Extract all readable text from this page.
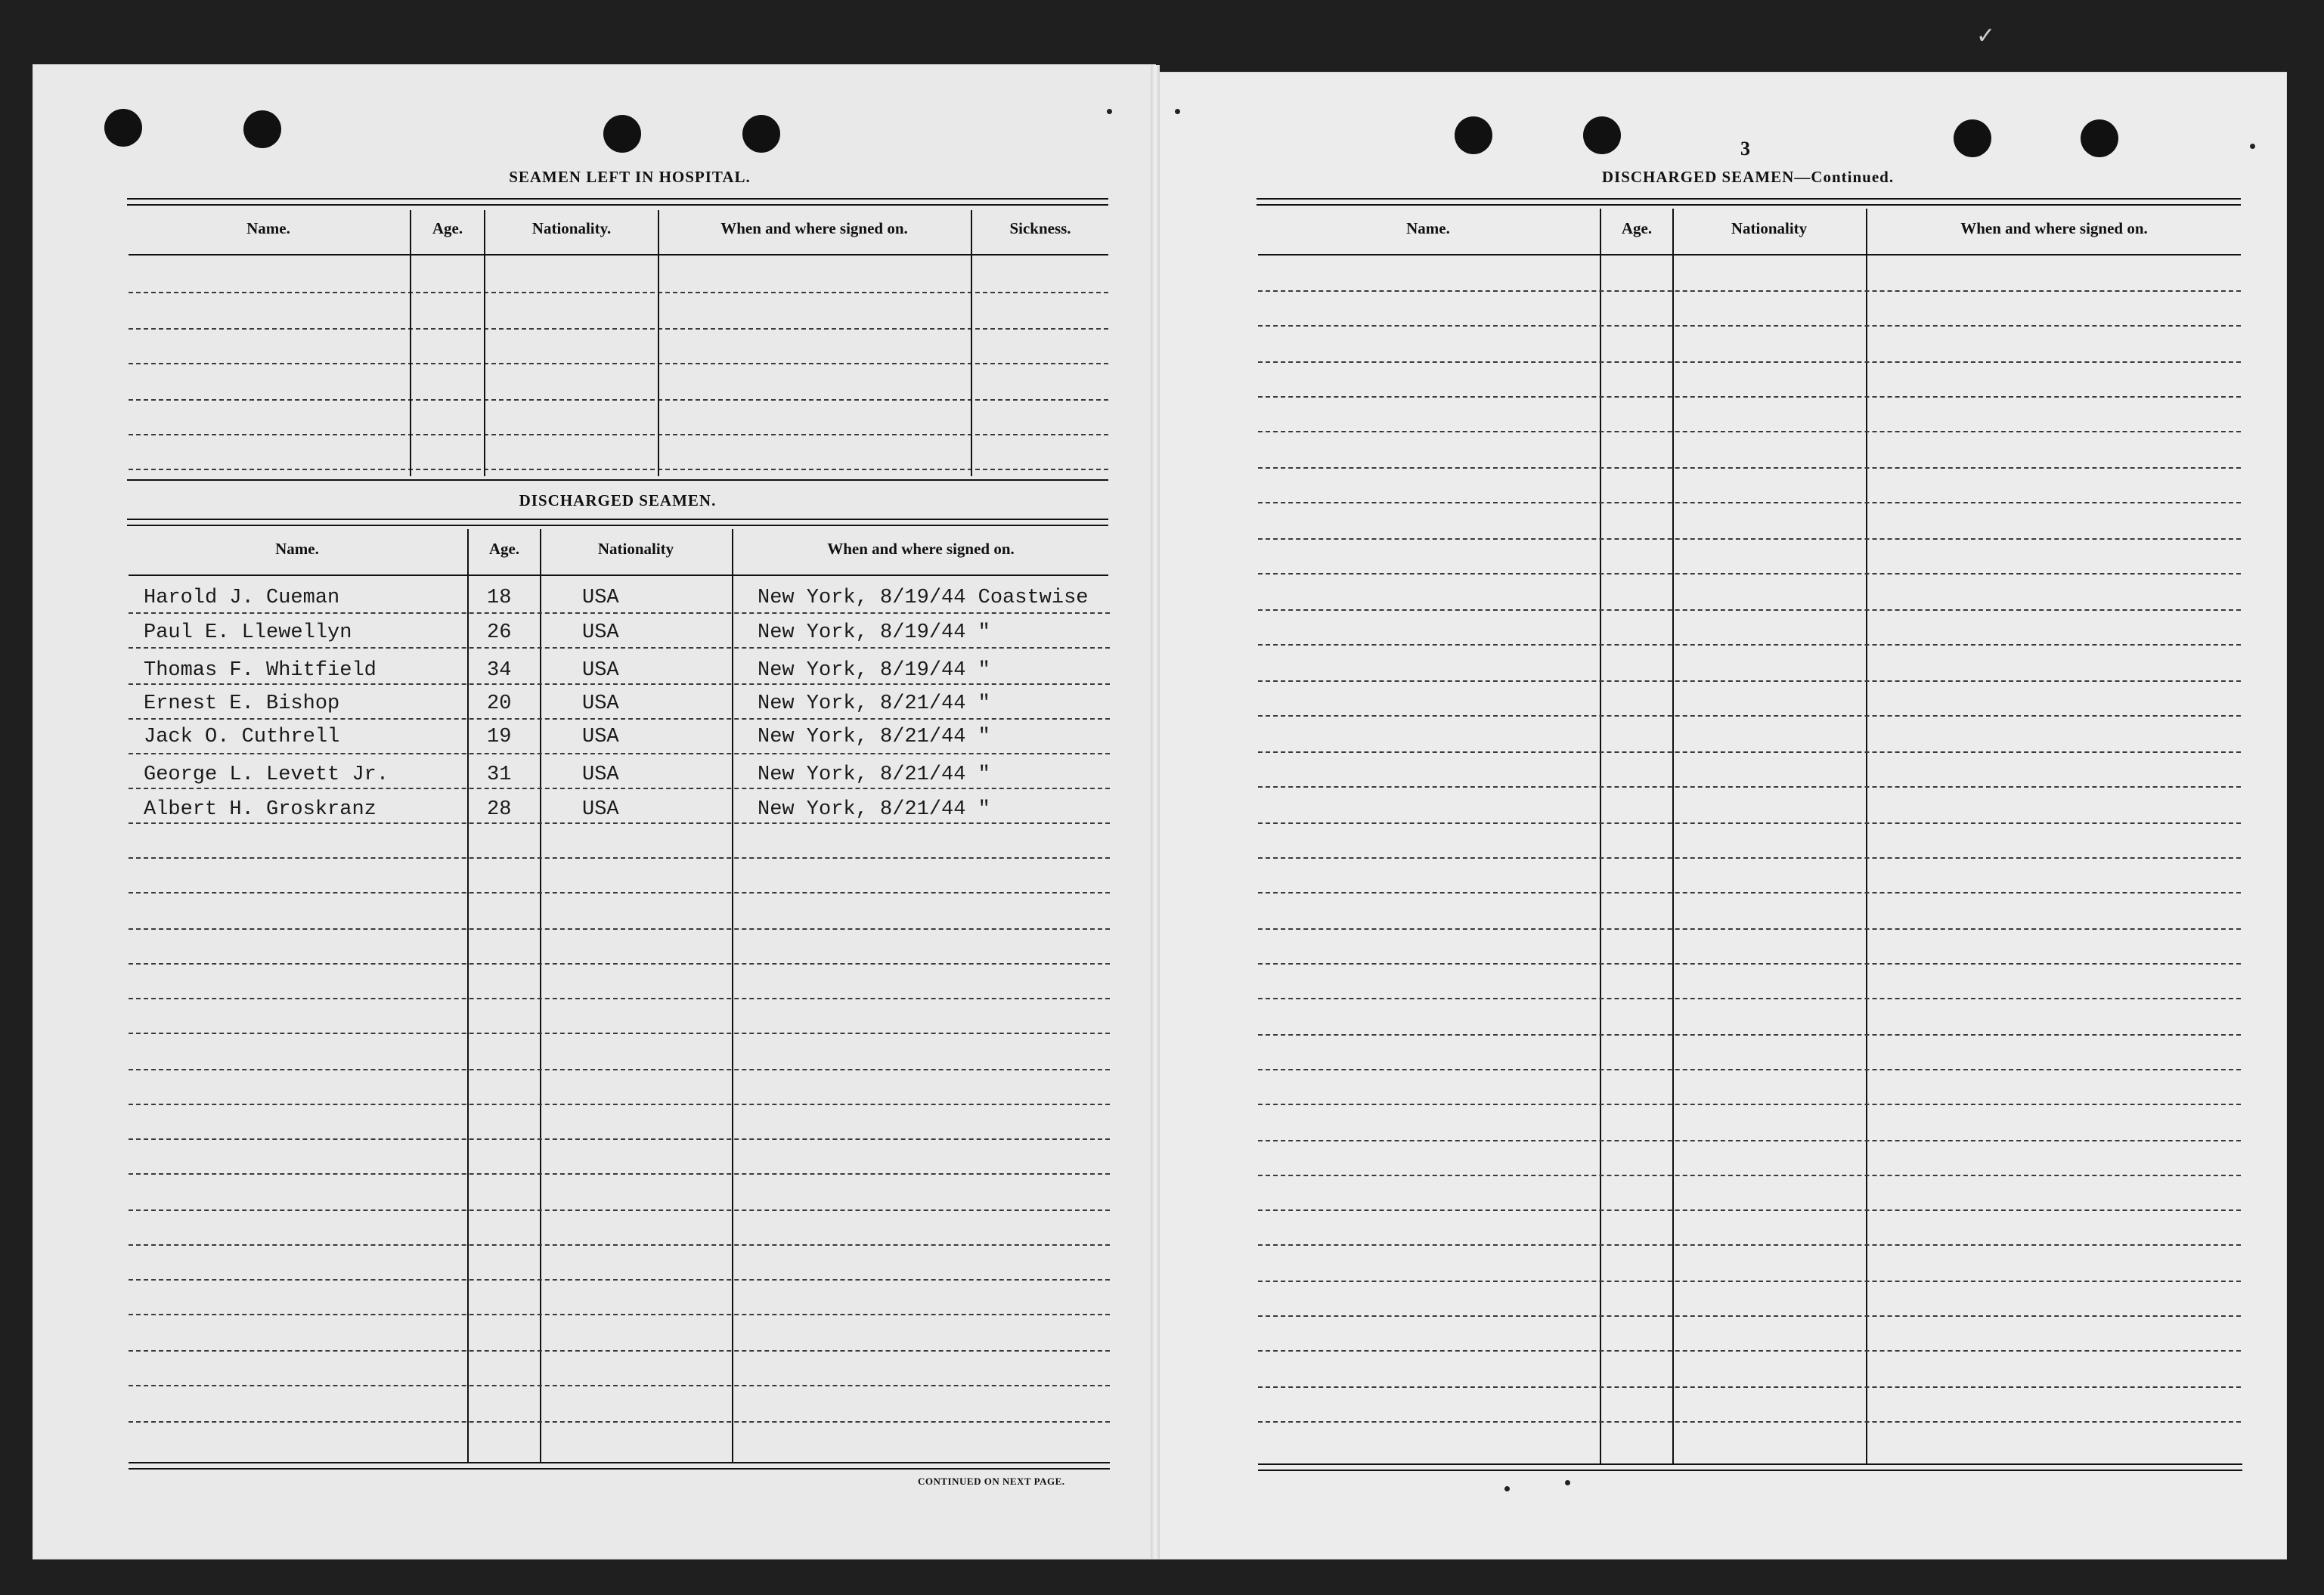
✓
2
SEAMEN LEFT IN HOSPITAL.
Name.	Age.	Nationality.	When and where signed on.	Sickness.
DISCHARGED SEAMEN.
Name.	Age.	Nationality	When and where signed on.
Harold J. Cueman	18	USA	New York, 8/19/44 Coastwise
Paul E. Llewellyn	26	USA	New York, 8/19/44 "
Thomas F. Whitfield	34	USA	New York, 8/19/44 "
Ernest E. Bishop	20	USA	New York, 8/21/44 "
Jack O. Cuthrell	19	USA	New York, 8/21/44 "
George L. Levett Jr.	31	USA	New York, 8/21/44 "
Albert H. Groskranz	28	USA	New York, 8/21/44 "
CONTINUED ON NEXT PAGE.
3
DISCHARGED SEAMEN—Continued.
Name.	Age.	Nationality	When and where signed on.
